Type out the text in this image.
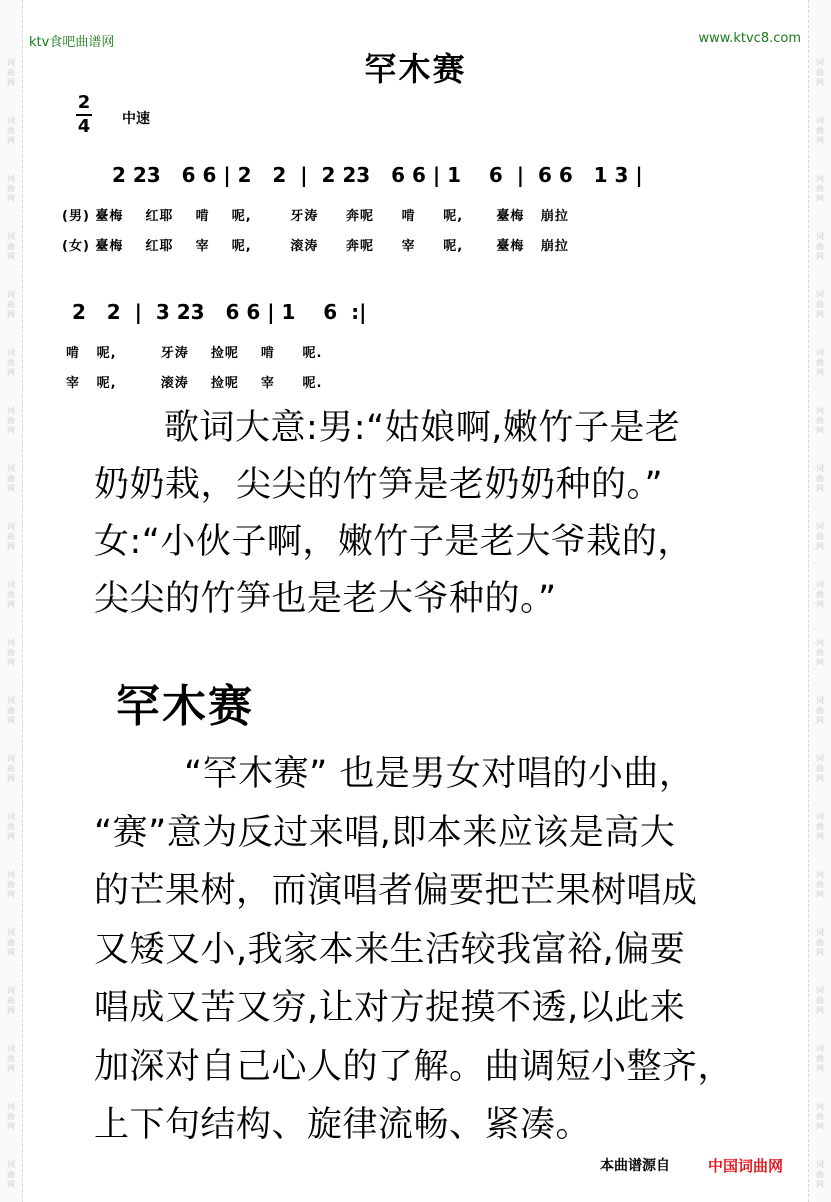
词
曲
网
词
曲
网
词
曲
网
词
曲
网
词
曲
网
词
曲
网
词
曲
网
词
曲
网
词
曲
网
词
曲
网
词
曲
网
词
曲
网
词
曲
网
词
曲
网
词
曲
网
词
曲
网
词
曲
网
词
曲
网
词
曲
网
词
曲
网
词
曲
网
词
曲
网
词
曲
网
词
曲
网
词
曲
网
词
曲
网
词
曲
网
词
曲
网
词
曲
网
词
曲
网
词
曲
网
词
曲
网
词
曲
网
词
曲
网
词
曲
网
词
曲
网
词
曲
网
词
曲
网
词
曲
网
词
曲
网
ktv食吧曲谱网	www.ktvc8.com
罕木赛
2
4 中速
2 23   6 6 | 2   2  |  2 23   6 6 | 1    6  |  6 6   1 3 |
(男) 臺梅    红耶    啃    呢,       牙涛     奔呢     啃     呢,      臺梅   崩拉
(女) 臺梅    红耶    宰    呢,       滚涛     奔呢     宰     呢,      臺梅   崩拉
2   2  |  3 23   6 6 | 1    6  :|
啃   呢,        牙涛    捡呢    啃     呢.
宰   呢,        滚涛    捡呢    宰     呢.
歌词大意:男:“姑娘啊,嫩竹子是老
奶奶栽，尖尖的竹笋是老奶奶种的。”
女:“小伙子啊，嫩竹子是老大爷栽的，
尖尖的竹笋也是老大爷种的。”
罕木赛
“罕木赛” 也是男女对唱的小曲，
“赛”意为反过来唱,即本来应该是高大
的芒果树，而演唱者偏要把芒果树唱成
又矮又小,我家本来生活较我富裕,偏要
唱成又苦又穷,让对方捉摸不透,以此来
加深对自己心人的了解。曲调短小整齐，
上下句结构、旋律流畅、紧凑。
本曲谱源自	中国词曲网
